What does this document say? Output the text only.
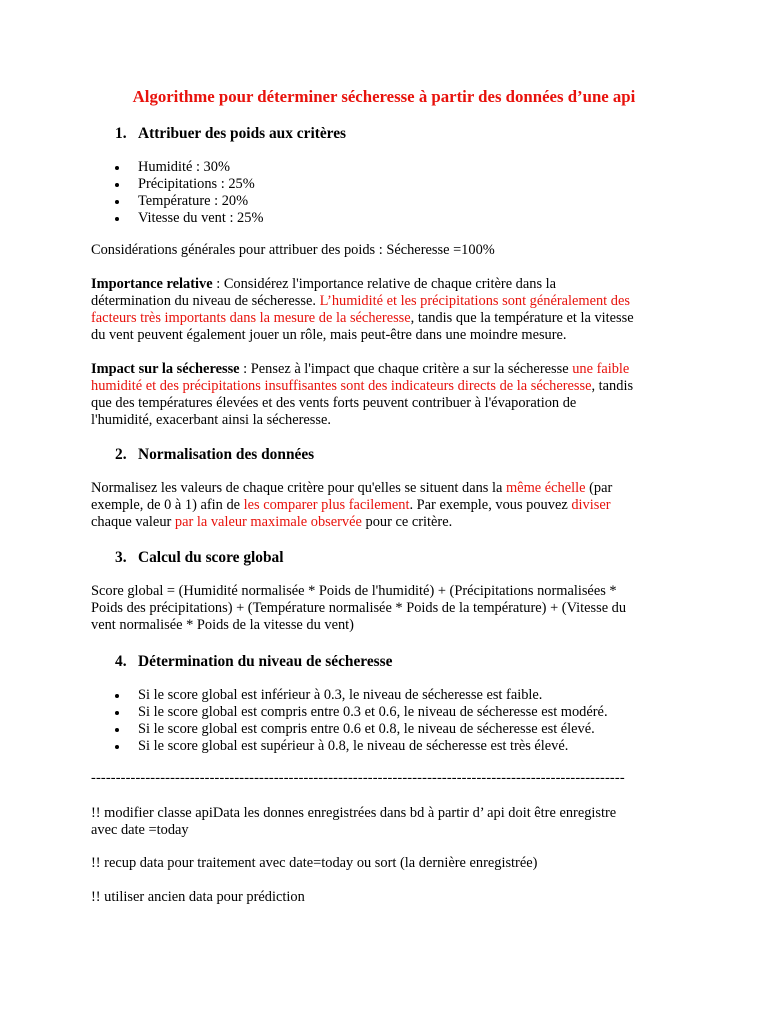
Algorithme pour déterminer sécheresse à partir des données d’une api
1. Attribuer des poids aux critères
Humidité : 30%
Précipitations : 25%
Température : 20%
Vitesse du vent : 25%

Considérations générales pour attribuer des poids : Sécheresse =100%

Importance relative : Considérez l'importance relative de chaque critère dans la
détermination du niveau de sécheresse. L’humidité et les précipitations sont généralement des
facteurs très importants dans la mesure de la sécheresse, tandis que la température et la vitesse
du vent peuvent également jouer un rôle, mais peut-être dans une moindre mesure.
Impact sur la sécheresse : Pensez à l'impact que chaque critère a sur la sécheresse une faible
humidité et des précipitations insuffisantes sont des indicateurs directs de la sécheresse, tandis
que des températures élevées et des vents forts peuvent contribuer à l'évaporation de
l'humidité, exacerbant ainsi la sécheresse.
2. Normalisation des données
Normalisez les valeurs de chaque critère pour qu'elles se situent dans la même échelle (par
exemple, de 0 à 1) afin de les comparer plus facilement. Par exemple, vous pouvez diviser
chaque valeur par la valeur maximale observée pour ce critère.
3. Calcul du score global
Score global = (Humidité normalisée * Poids de l'humidité) + (Précipitations normalisées *
Poids des précipitations) + (Température normalisée * Poids de la température) + (Vitesse du
vent normalisée * Poids de la vitesse du vent)
4. Détermination du niveau de sécheresse
Si le score global est inférieur à 0.3, le niveau de sécheresse est faible.
Si le score global est compris entre 0.3 et 0.6, le niveau de sécheresse est modéré.
Si le score global est compris entre 0.6 et 0.8, le niveau de sécheresse est élevé.
Si le score global est supérieur à 0.8, le niveau de sécheresse est très élevé.
------------------------------------------------------------------------------------------------------------
!! modifier classe apiData les donnes enregistrées dans bd à partir d’ api doit être enregistre
avec date =today

!! recup data pour traitement avec date=today ou sort (la dernière enregistrée)

!! utiliser ancien data pour prédiction
